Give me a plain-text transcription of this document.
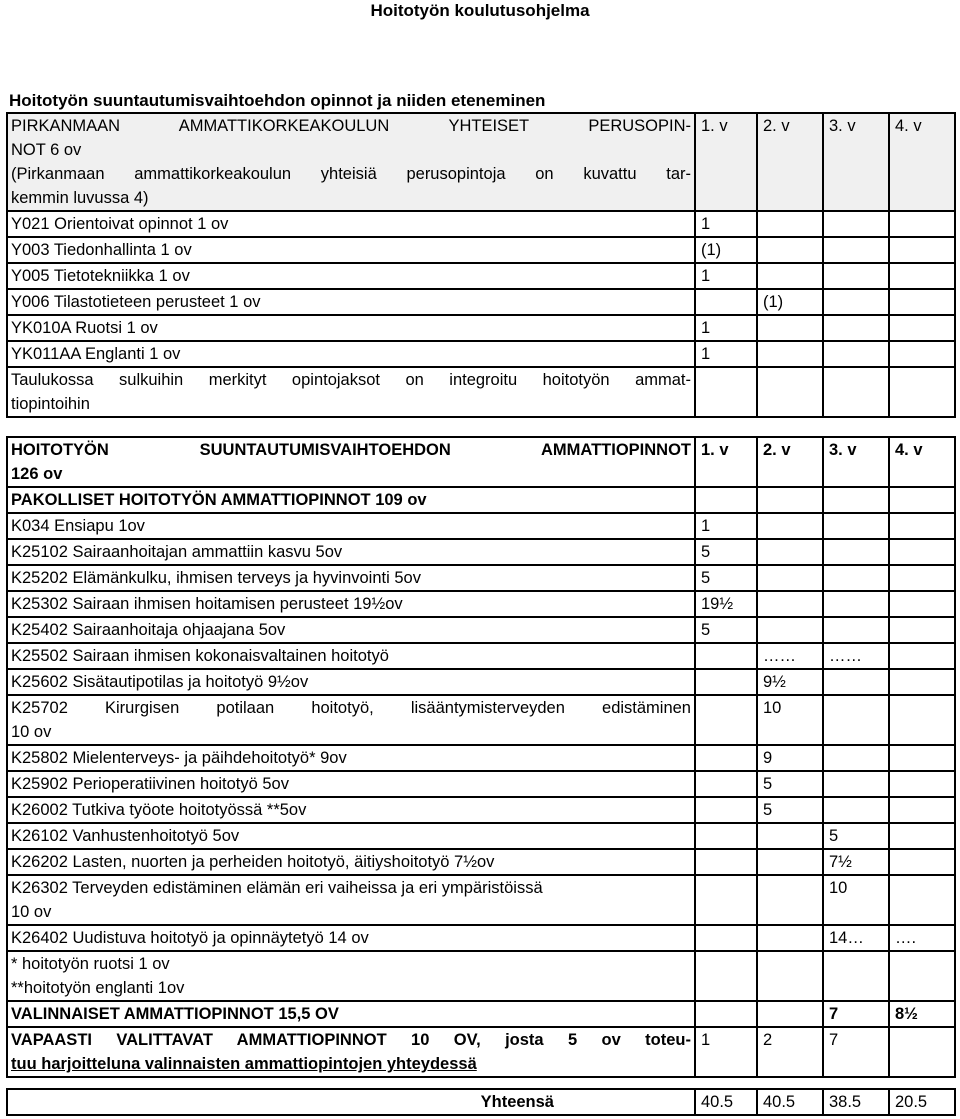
Hoitotyön koulutusohjelma
Hoitotyön suuntautumisvaihtoehdon opinnot ja niiden eteneminen
PIRKANMAAN AMMATTIKORKEAKOULUN YHTEISET PERUSOPIN-
NOT 6 ov
(Pirkanmaan ammattikorkeakoulun yhteisiä perusopintoja on kuvattu tar-
kemmin luvussa 4)	1. v	2. v	3. v	4. v
Y021 Orientoivat opinnot 1 ov	1			
Y003 Tiedonhallinta 1 ov	(1)			
Y005 Tietotekniikka 1 ov	1			
Y006 Tilastotieteen perusteet 1 ov		(1)		
YK010A Ruotsi 1 ov	1			
YK011AA Englanti 1 ov	1			

Taulukossa sulkuihin merkityt opintojaksot on integroitu hoitotyön ammat-
tiopintoihin				

HOITOTYÖN SUUNTAUTUMISVAIHTOEHDON AMMATTIOPINNOT
126 ov	1. v	2. v	3. v	4. v
PAKOLLISET HOITOTYÖN AMMATTIOPINNOT 109 ov				
K034 Ensiapu 1ov	1			
K25102 Sairaanhoitajan ammattiin kasvu 5ov	5			
K25202 Elämänkulku, ihmisen terveys ja hyvinvointi 5ov	5			
K25302 Sairaan ihmisen hoitamisen perusteet 19½ov	19½			
K25402 Sairaanhoitaja ohjaajana 5ov	5			
K25502 Sairaan ihmisen kokonaisvaltainen hoitotyö		……	……	
K25602 Sisätautipotilas ja hoitotyö 9½ov		9½		

K25702 Kirurgisen potilaan hoitotyö, lisääntymisterveyden edistäminen
10 ov		10		
K25802 Mielenterveys- ja päihdehoitotyö* 9ov		9		
K25902 Perioperatiivinen hoitotyö 5ov		5		
K26002 Tutkiva työote hoitotyössä **5ov		5		
K26102 Vanhustenhoitotyö 5ov			5	
K26202 Lasten, nuorten ja perheiden hoitotyö, äitiyshoitotyö 7½ov			7½	

K26302 Terveyden edistäminen elämän eri vaiheissa ja eri ympäristöissä
10 ov			10	
K26402 Uudistuva hoitotyö ja opinnäytetyö 14 ov			14…	….

* hoitotyön ruotsi 1 ov
**hoitotyön englanti 1ov				

VALINNAISET AMMATTIOPINNOT 15,5 OV			7	8½

VAPAASTI VALITTAVAT AMMATTIOPINNOT 10 OV, josta 5 ov toteu-
tuu harjoitteluna valinnaisten ammattiopintojen yhteydessä	1	2	7	
Yhteensä	40.5	40.5	38.5	20.5
